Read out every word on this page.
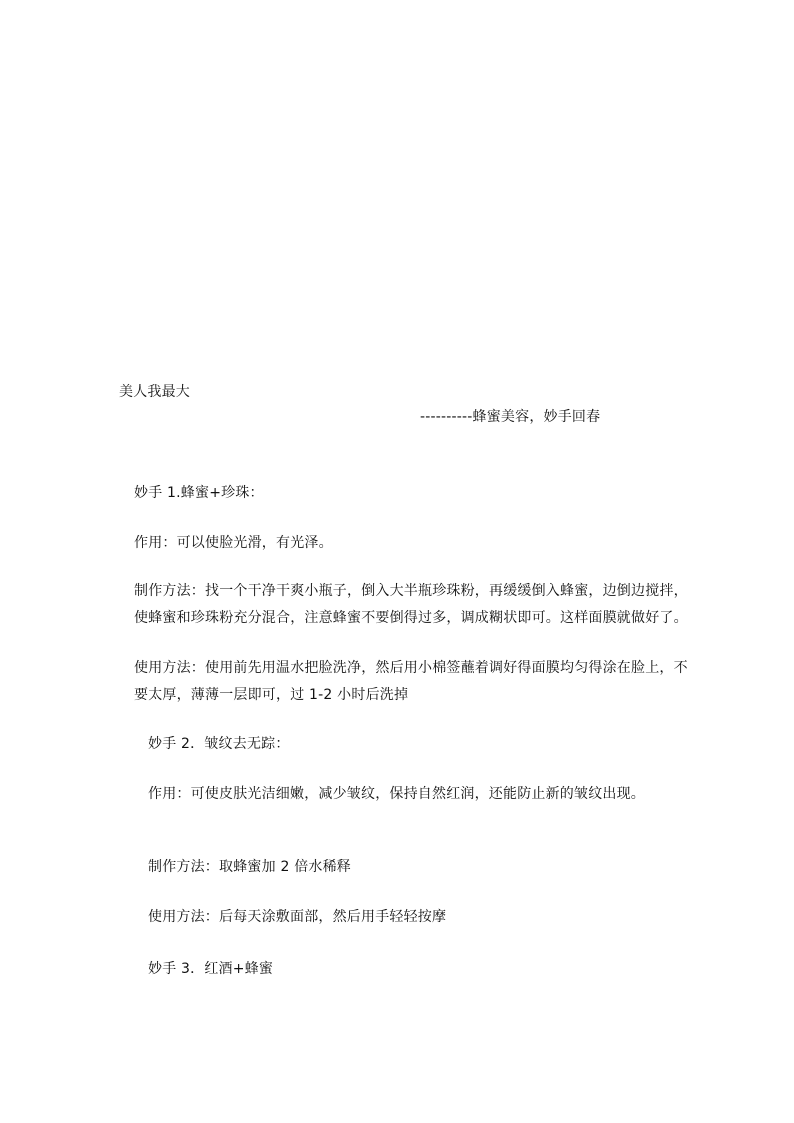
美人我最大
----------蜂蜜美容，妙手回春
妙手 1.蜂蜜+珍珠：
作用：可以使脸光滑，有光泽。
制作方法：找一个干净干爽小瓶子，倒入大半瓶珍珠粉，再缓缓倒入蜂蜜，边倒边搅拌，
使蜂蜜和珍珠粉充分混合，注意蜂蜜不要倒得过多，调成糊状即可。这样面膜就做好了。
使用方法：使用前先用温水把脸洗净，然后用小棉签蘸着调好得面膜均匀得涂在脸上，不
要太厚，薄薄一层即可，过 1-2 小时后洗掉
妙手 2．皱纹去无踪：
作用：可使皮肤光洁细嫩，减少皱纹，保持自然红润，还能防止新的皱纹出现。
制作方法：取蜂蜜加 2 倍水稀释
使用方法：后每天涂敷面部，然后用手轻轻按摩
妙手 3．红酒+蜂蜜
